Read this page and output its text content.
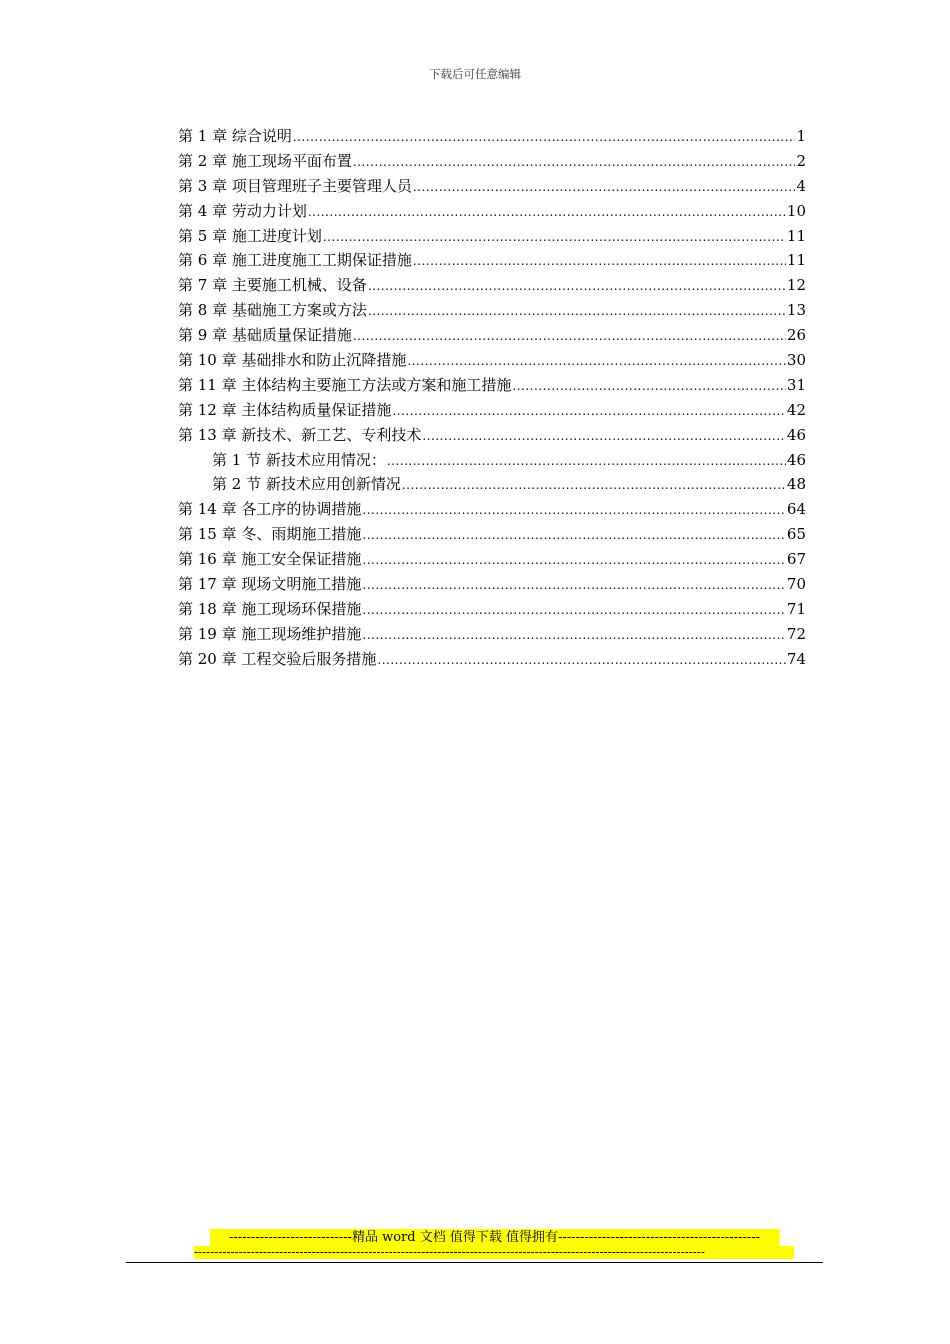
下载后可任意编辑
第 1 章 综合说明 .....	1
第 2 章 施工现场平面布置 .....	2
第 3 章 项目管理班子主要管理人员 .....	4
第 4 章 劳动力计划 .....	10
第 5 章 施工进度计划 .....	11
第 6 章 施工进度施工工期保证措施 .....	11
第 7 章 主要施工机械、设备 .....	12
第 8 章 基础施工方案或方法 .....	13
第 9 章 基础质量保证措施 .....	26
第 10 章 基础排水和防止沉降措施 .....	30
第 11 章 主体结构主要施工方法或方案和施工措施 .....	31
第 12 章 主体结构质量保证措施 .....	42
第 13 章 新技术、新工艺、专利技术 .....	46
第 1 节 新技术应用情况： .....	46
第 2 节 新技术应用创新情况 .....	48
第 14 章 各工序的协调措施 .....	64
第 15 章 冬、雨期施工措施 .....	65
第 16 章 施工安全保证措施 .....	67
第 17 章 现场文明施工措施 .....	70
第 18 章 施工现场环保措施 .....	71
第 19 章 施工现场维护措施 .....	72
第 20 章 工程交验后服务措施 .....	74
----------------------------精品 word 文档 值得下载 值得拥有----------------------------------------------
------------------------------------------------------------------------------------------------------------------------------
